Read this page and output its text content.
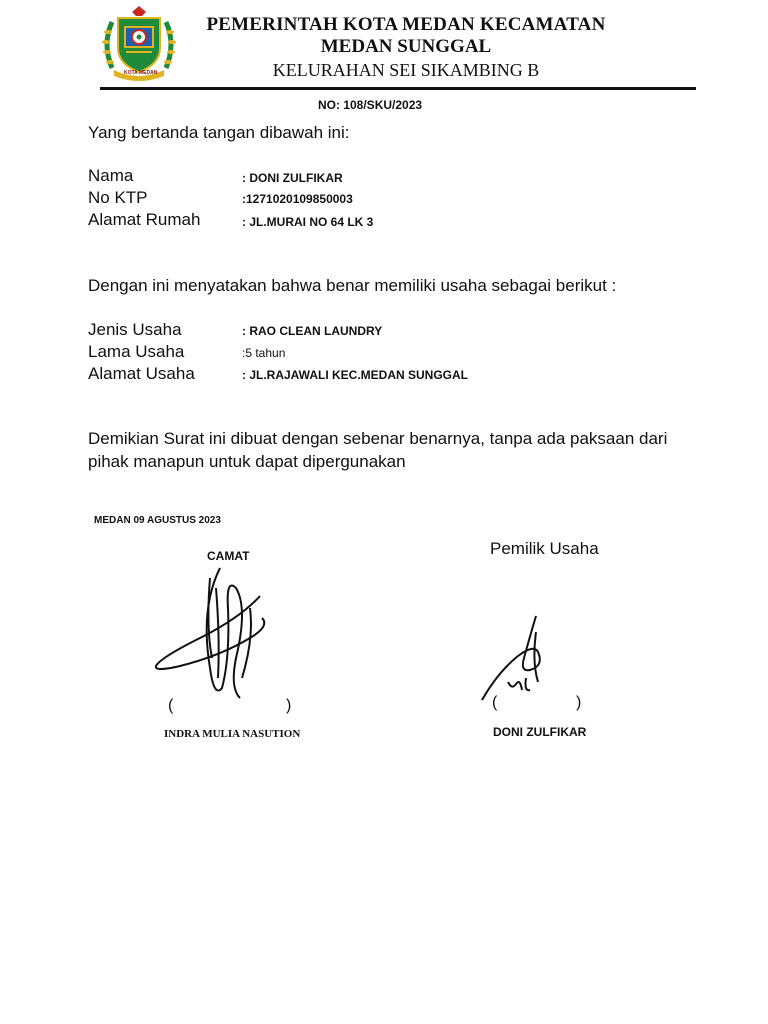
KOTA MEDAN
PEMERINTAH KOTA MEDAN KECAMATAN
MEDAN SUNGGAL
KELURAHAN SEI SIKAMBING B
NO: 108/SKU/2023
Yang bertanda tangan dibawah ini:
Nama	: DONI ZULFIKAR
No KTP	:1271020109850003
Alamat Rumah	: JL.MURAI NO 64 LK 3
Dengan ini menyatakan bahwa benar memiliki usaha sebagai berikut :
Jenis Usaha	: RAO CLEAN LAUNDRY
Lama Usaha	:5 tahun
Alamat Usaha	: JL.RAJAWALI KEC.MEDAN SUNGGAL
Demikian Surat ini dibuat dengan sebenar benarnya, tanpa ada paksaan dari
pihak manapun untuk dapat dipergunakan
MEDAN 09 AGUSTUS 2023
CAMAT
(	)
INDRA MULIA NASUTION
Pemilik Usaha
(	)
DONI ZULFIKAR
